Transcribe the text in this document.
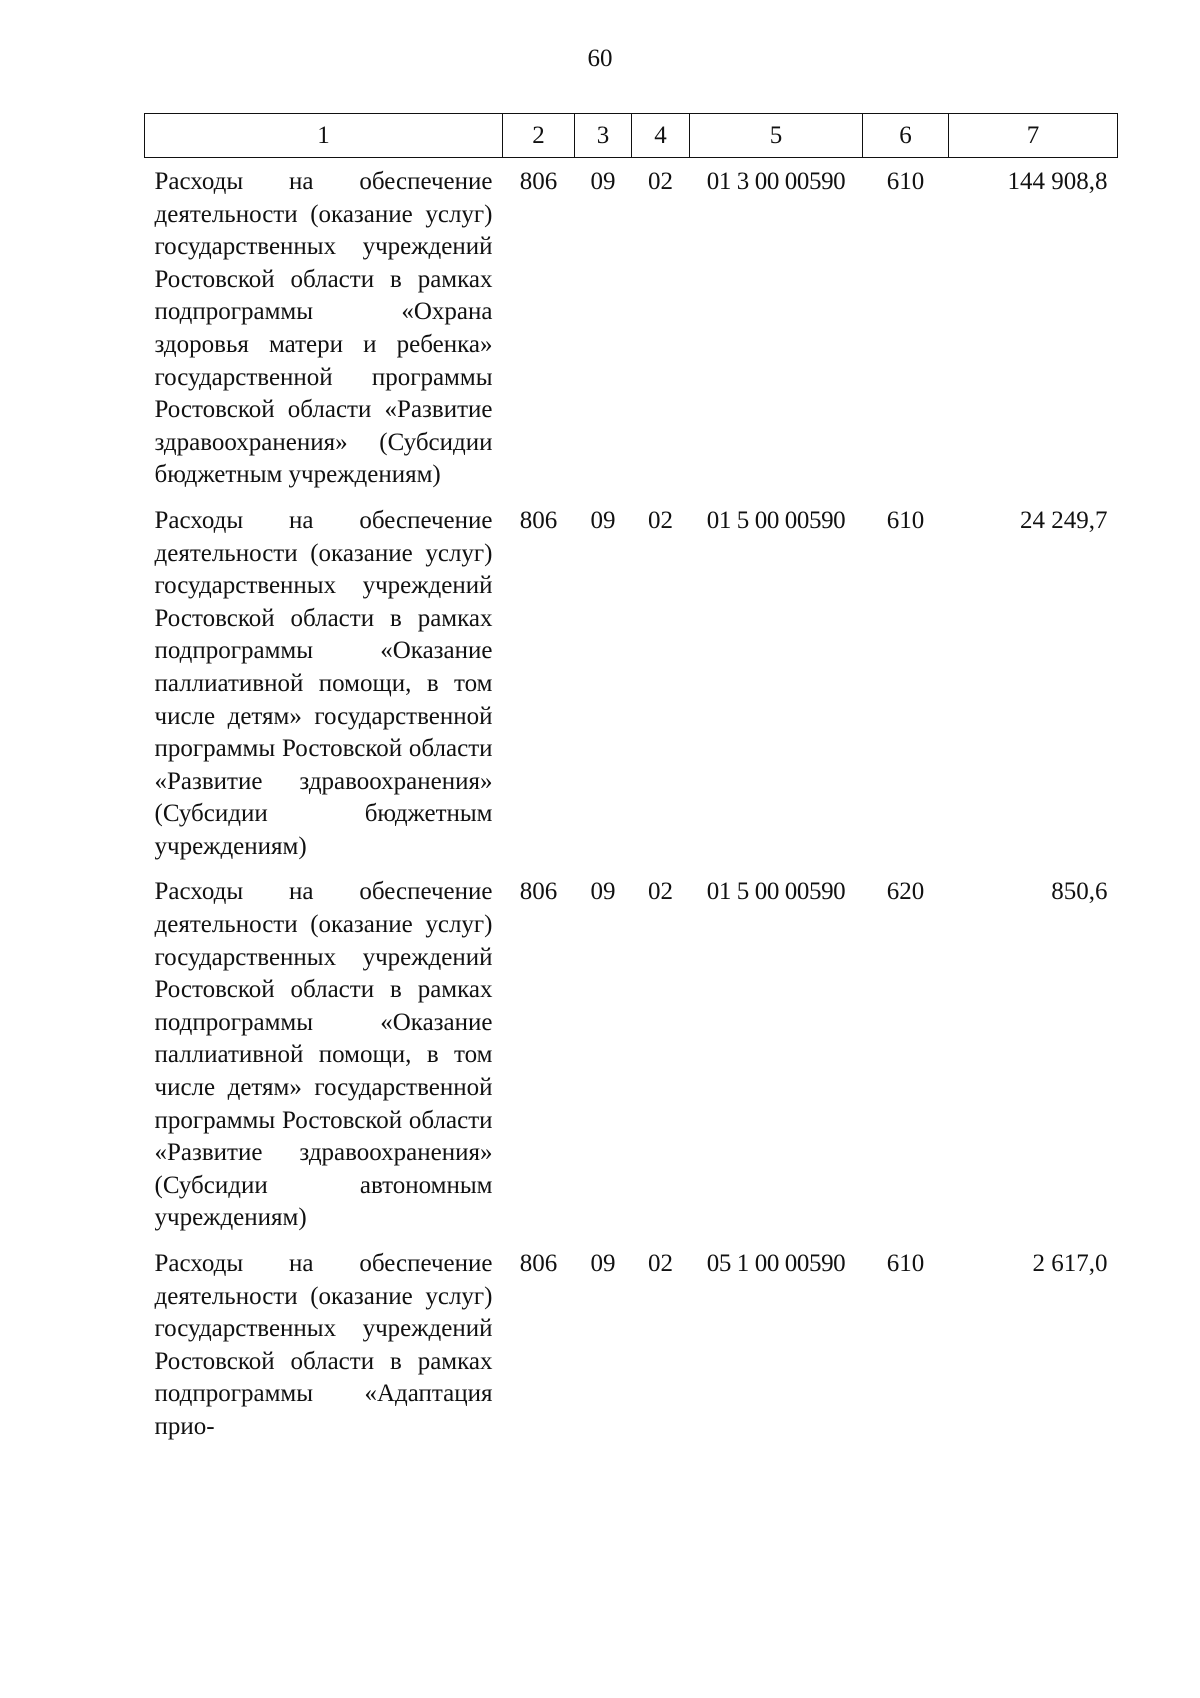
60
1	2	3	4	5	6	7
Расходы на обеспечение деятельности (оказание услуг) государственных учреждений Ростовской области в рамках подпрограммы «Охрана здоровья матери и ребенка» государственной программы Ростовской области «Развитие здравоохранения» (Субсидии бюджетным учреждениям)	806	09	02	01 3 00 00590	610	144 908,8
Расходы на обеспечение деятельности (оказание услуг) государственных учреждений Ростовской области в рамках подпрограммы «Оказание паллиативной помощи, в том числе детям» государственной программы Ростовской области «Развитие здравоохранения» (Субсидии бюджетным учреждениям)	806	09	02	01 5 00 00590	610	24 249,7
Расходы на обеспечение деятельности (оказание услуг) государственных учреждений Ростовской области в рамках подпрограммы «Оказание паллиативной помощи, в том числе детям» государственной программы Ростовской области «Развитие здравоохранения» (Субсидии автономным учреждениям)	806	09	02	01 5 00 00590	620	850,6
Расходы на обеспечение деятельности (оказание услуг) государственных учреждений Ростовской области в рамках подпрограммы «Адаптация прио-	806	09	02	05 1 00 00590	610	2 617,0
